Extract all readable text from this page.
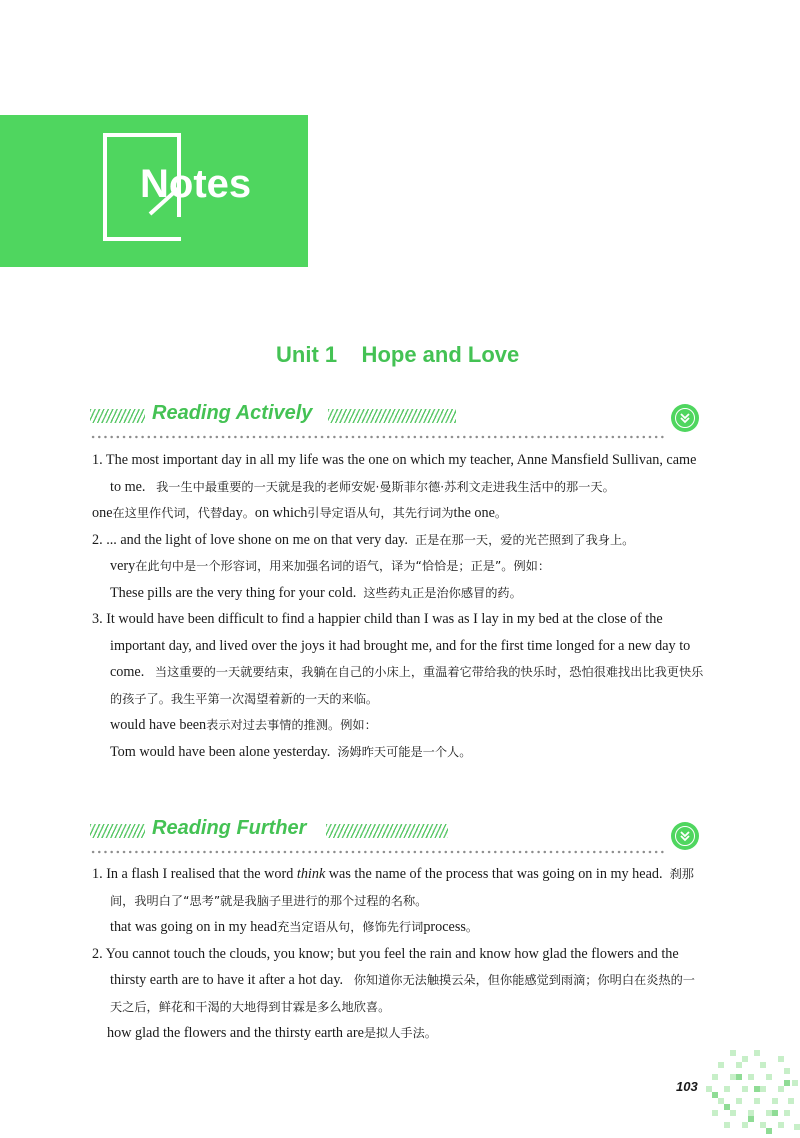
Notes
Unit 1    Hope and Love
Reading Actively

1. The most important day in all my life was the one on which my teacher, Anne Mansfield Sullivan, came to me. 我一生中最重要的一天就是我的老师安妮·曼斯菲尔德·苏利文走进我生活中的那一天。

one在这里作代词，代替day。on which引导定语从句，其先行词为the one。

2. ... and the light of love shone on me on that very day. 正是在那一天，爱的光芒照到了我身上。

very在此句中是一个形容词，用来加强名词的语气，译为“恰恰是；正是”。例如：

These pills are the very thing for your cold. 这些药丸正是治你感冒的药。

3. It would have been difficult to find a happier child than I was as I lay in my bed at the close of the important day, and lived over the joys it had brought me, and for the first time longed for a new day to come. 当这重要的一天就要结束，我躺在自己的小床上，重温着它带给我的快乐时，恐怕很难找出比我更快乐的孩子了。我生平第一次渴望着新的一天的来临。

would have been表示对过去事情的推测。例如：

Tom would have been alone yesterday. 汤姆昨天可能是一个人。

Reading Further

1. In a flash I realised that the word think was the name of the process that was going on in my head. 刹那间，我明白了“思考”就是我脑子里进行的那个过程的名称。

that was going on in my head充当定语从句，修饰先行词process。

2. You cannot touch the clouds, you know; but you feel the rain and know how glad the flowers and the thirsty earth are to have it after a hot day. 你知道你无法触摸云朵，但你能感觉到雨滴；你明白在炎热的一天之后，鲜花和干渴的大地得到甘霖是多么地欣喜。

how glad the flowers and the thirsty earth are是拟人手法。

103
